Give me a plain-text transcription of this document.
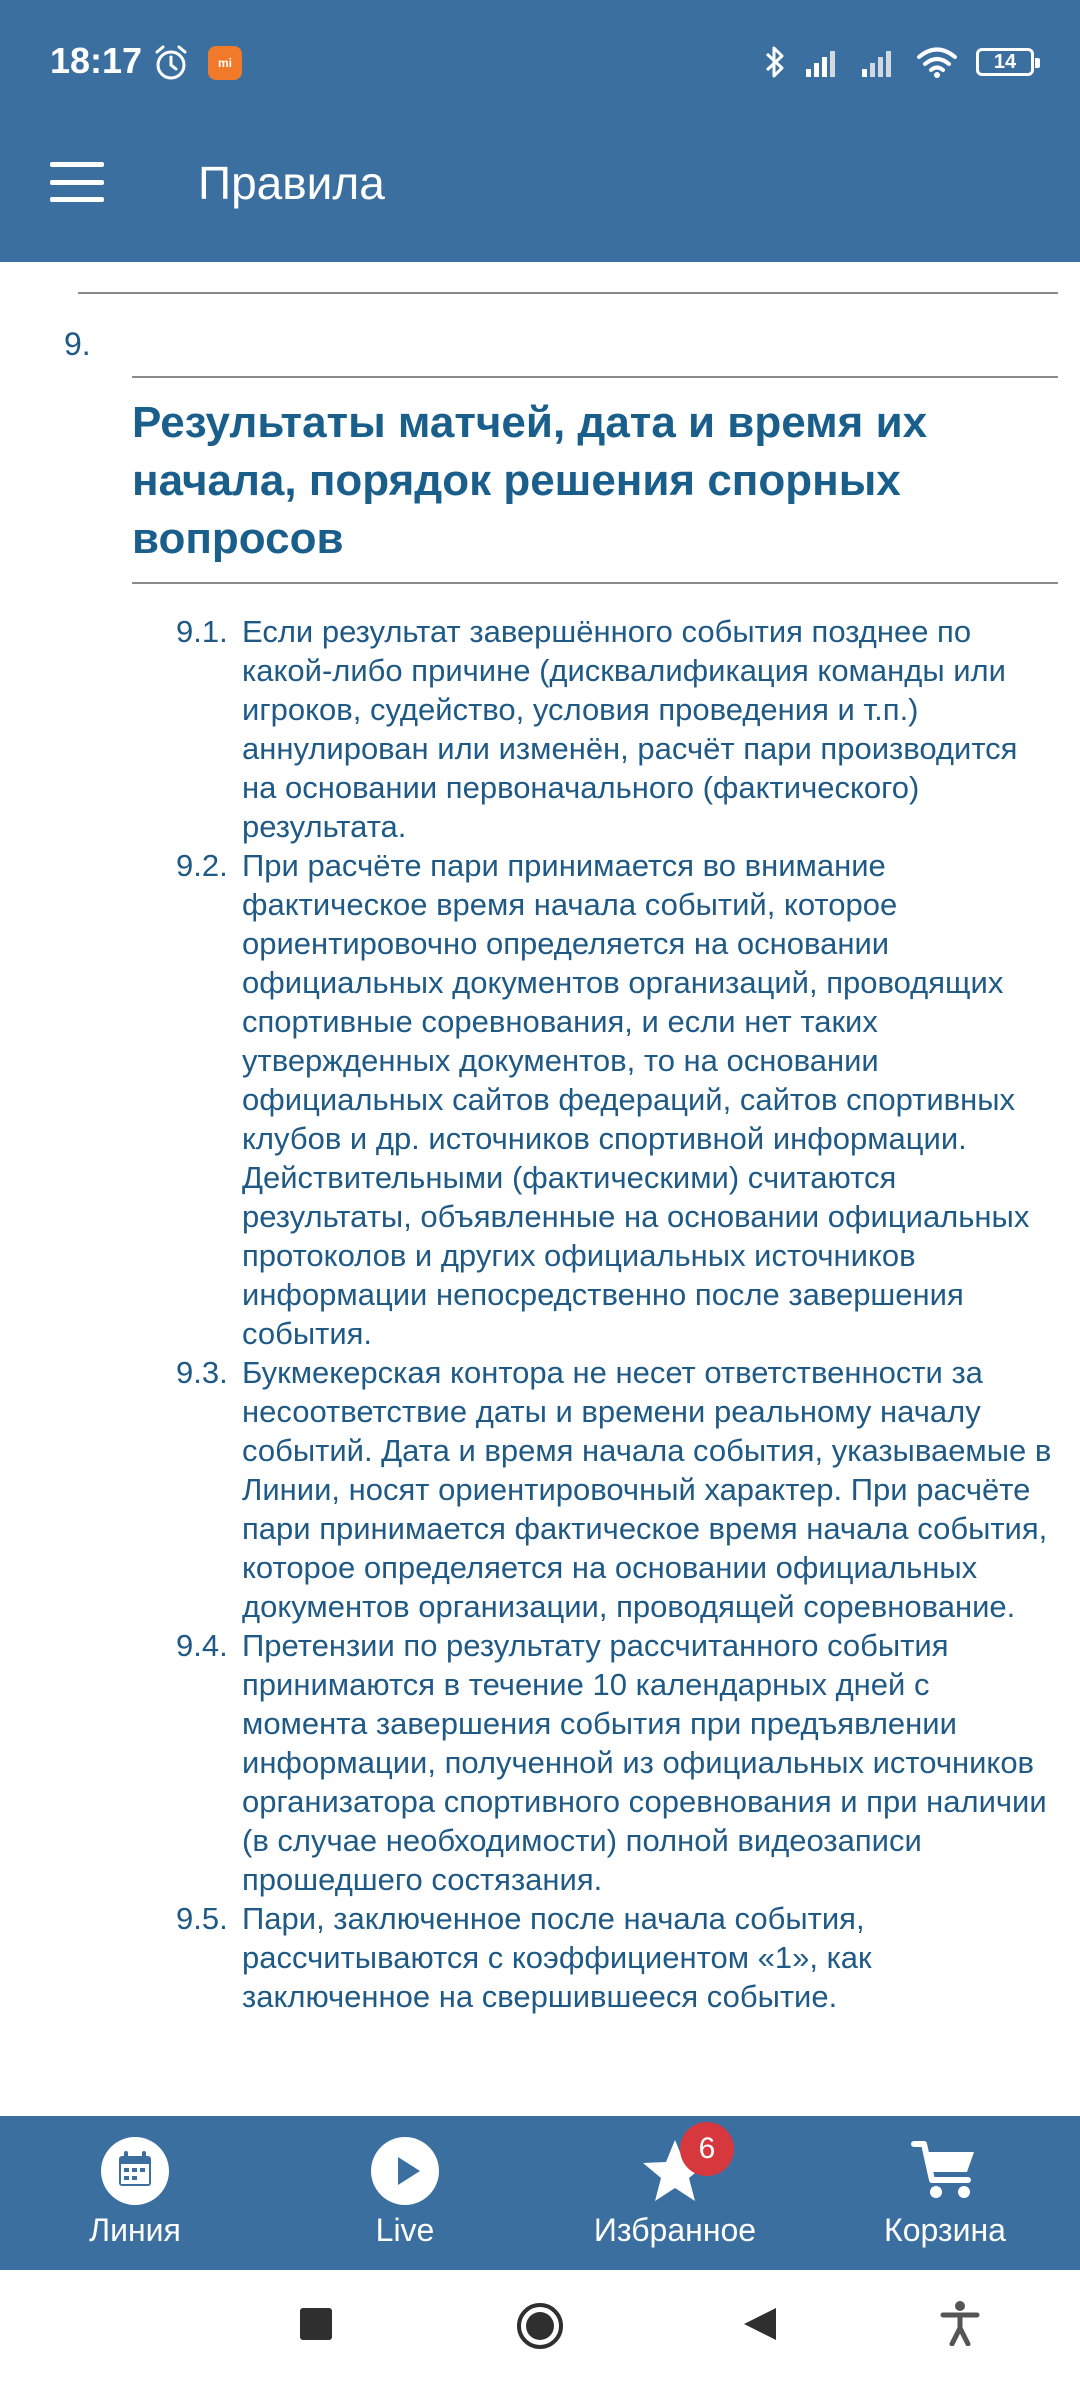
18:17	mi	14
Правила
9.
Результаты матчей, дата и время их начала, порядок решения спорных вопросов
9.1. Если результат завершённого события позднее по какой-либо причине (дисквалификация команды или игроков, судейство, условия проведения и т.п.) аннулирован или изменён, расчёт пари производится на основании первоначального (фактического) результата.
9.2. При расчёте пари принимается во внимание фактическое время начала событий, которое ориентировочно определяется на основании официальных документов организаций, проводящих спортивные соревнования, и если нет таких утвержденных документов, то на основании официальных сайтов федераций, сайтов спортивных клубов и др. источников спортивной информации. Действительными (фактическими) считаются результаты, объявленные на основании официальных протоколов и других официальных источников информации непосредственно после завершения события.
9.3. Букмекерская контора не несет ответственности за несоответствие даты и времени реальному началу событий. Дата и время начала события, указываемые в Линии, носят ориентировочный характер. При расчёте пари принимается фактическое время начала события, которое определяется на основании официальных документов организации, проводящей соревнование.
9.4. Претензии по результату рассчитанного события принимаются в течение 10 календарных дней с момента завершения события при предъявлении информации, полученной из официальных источников организатора спортивного соревнования и при наличии (в случае необходимости) полной видеозаписи прошедшего состязания.
9.5. Пари, заключенное после начала события, рассчитываются с коэффициентом «1», как заключенное на свершившееся событие.
Линия	Live
6
Избранное	Корзина
